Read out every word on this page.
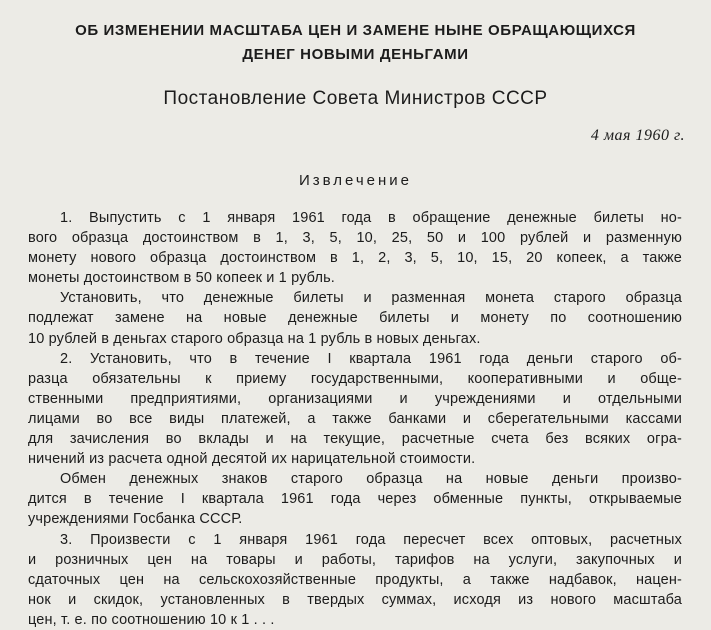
ОБ ИЗМЕНЕНИИ МАСШТАБА ЦЕН И ЗАМЕНЕ НЫНЕ ОБРАЩАЮЩИХСЯ
ДЕНЕГ НОВЫМИ ДЕНЬГАМИ
Постановление Совета Министров СССР
4 мая 1960 г.
Извлечение
1. Выпустить с 1 января 1961 года в обращение денежные билеты но-
вого образца достоинством в 1, 3, 5, 10, 25, 50 и 100 рублей и разменную
монету нового образца достоинством в 1, 2, 3, 5, 10, 15, 20 копеек, а также
монеты достоинством в 50 копеек и 1 рубль.
Установить, что денежные билеты и разменная монета старого образца
подлежат замене на новые денежные билеты и монету по соотношению
10 рублей в деньгах старого образца на 1 рубль в новых деньгах.
2. Установить, что в течение I квартала 1961 года деньги старого об-
разца обязательны к приему государственными, кооперативными и обще-
ственными предприятиями, организациями и учреждениями и отдельными
лицами во все виды платежей, а также банками и сберегательными кассами
для зачисления во вклады и на текущие, расчетные счета без всяких огра-
ничений из расчета одной десятой их нарицательной стоимости.
Обмен денежных знаков старого образца на новые деньги произво-
дится в течение I квартала 1961 года через обменные пункты, открываемые
учреждениями Госбанка СССР.
3. Произвести с 1 января 1961 года пересчет всех оптовых, расчетных
и розничных цен на товары и работы, тарифов на услуги, закупочных и
сдаточных цен на сельскохозяйственные продукты, а также надбавок, нацен-
нок и скидок, установленных в твердых суммах, исходя из нового масштаба
цен, т. е. по соотношению 10 к 1 . . .
